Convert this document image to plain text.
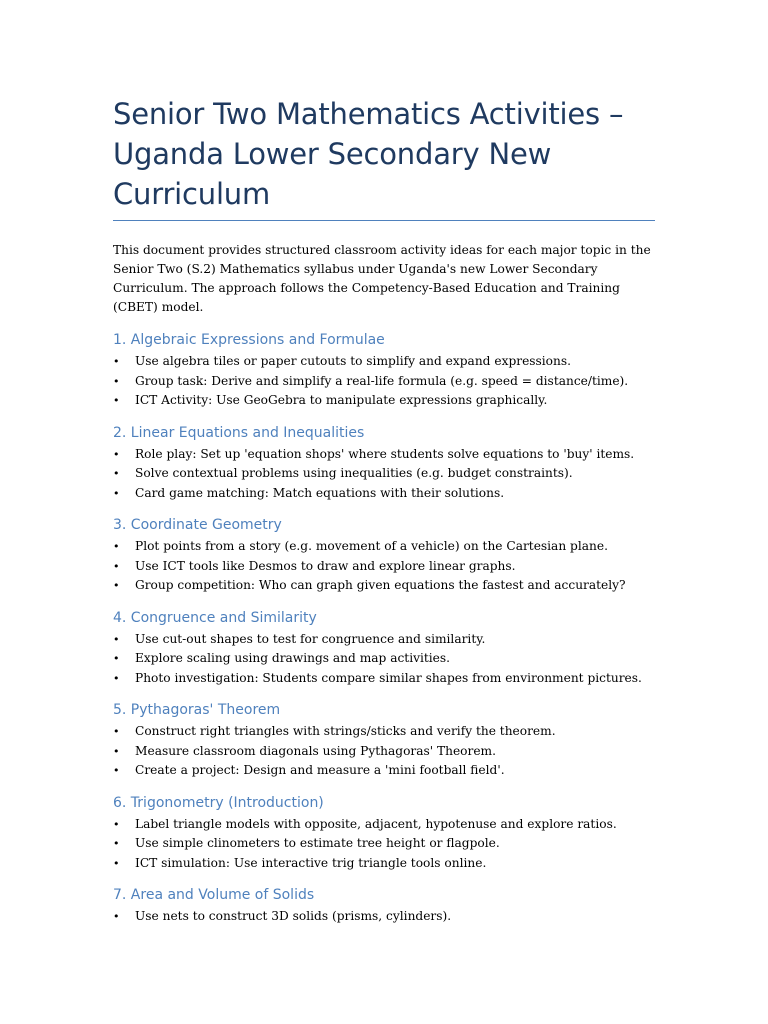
Senior Two Mathematics Activities – Uganda Lower Secondary New Curriculum

This document provides structured classroom activity ideas for each major topic in the Senior Two (S.2) Mathematics syllabus under Uganda's new Lower Secondary Curriculum. The approach follows the Competency-Based Education and Training (CBET) model.

1. Algebraic Expressions and Formulae
• Use algebra tiles or paper cutouts to simplify and expand expressions.
• Group task: Derive and simplify a real-life formula (e.g. speed = distance/time).
• ICT Activity: Use GeoGebra to manipulate expressions graphically.
2. Linear Equations and Inequalities
• Role play: Set up 'equation shops' where students solve equations to 'buy' items.
• Solve contextual problems using inequalities (e.g. budget constraints).
• Card game matching: Match equations with their solutions.
3. Coordinate Geometry
• Plot points from a story (e.g. movement of a vehicle) on the Cartesian plane.
• Use ICT tools like Desmos to draw and explore linear graphs.
• Group competition: Who can graph given equations the fastest and accurately?
4. Congruence and Similarity
• Use cut-out shapes to test for congruence and similarity.
• Explore scaling using drawings and map activities.
• Photo investigation: Students compare similar shapes from environment pictures.
5. Pythagoras' Theorem
• Construct right triangles with strings/sticks and verify the theorem.
• Measure classroom diagonals using Pythagoras' Theorem.
• Create a project: Design and measure a 'mini football field'.
6. Trigonometry (Introduction)
• Label triangle models with opposite, adjacent, hypotenuse and explore ratios.
• Use simple clinometers to estimate tree height or flagpole.
• ICT simulation: Use interactive trig triangle tools online.
7. Area and Volume of Solids
• Use nets to construct 3D solids (prisms, cylinders).
